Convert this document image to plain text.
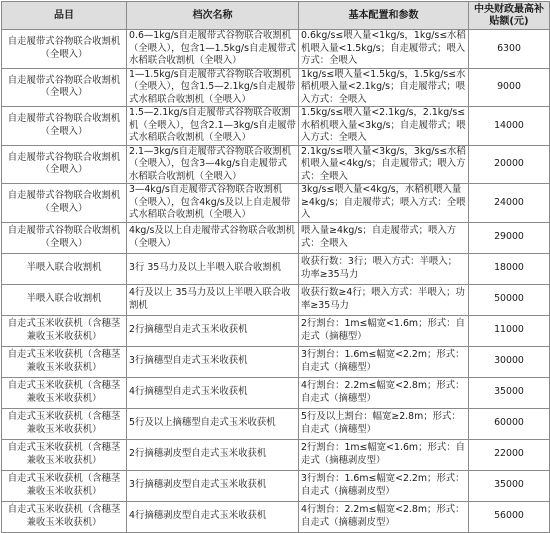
品目	档次名称	基本配置和参数	中央财政最高补贴额(元)
自走履带式谷物联合收割机（全喂入）	0.6—1kg/s自走履带式谷物联合收割机（全喂入），包含1—1.5kg/s自走履带式水稻联合收割机（全喂入）	0.6kg/s≤喂入量<1kg/s，1kg/s≤水稻机喂入量<1.5kg/s；自走履带式；喂入方式：全喂入	6300
自走履带式谷物联合收割机（全喂入）	1—1.5kg/s自走履带式谷物联合收割机（全喂入），包含1.5—2.1kg/s自走履带式水稻联合收割机（全喂入）	1kg/s≤喂入量<1.5kg/s，1.5kg/s≤水稻机喂入量<2.1kg/s；自走履带式；喂入方式：全喂入	9000
自走履带式谷物联合收割机（全喂入）	1.5—2.1kg/s自走履带式谷物联合收割机（全喂入），包含2.1—3kg/s自走履带式水稻联合收割机（全喂入）	1.5kg/s≤喂入量<2.1kg/s，2.1kg/s≤水稻机喂入量<3kg/s；自走履带式；喂入方式：全喂入	14000
自走履带式谷物联合收割机（全喂入）	2.1—3kg/s自走履带式谷物联合收割机（全喂入），包含3—4kg/s自走履带式水稻联合收割机（全喂入）	2.1kg/s≤喂入量<3kg/s，3kg/s≤水稻机喂入量<4kg/s；自走履带式；喂入方式：全喂入	20000
自走履带式谷物联合收割机（全喂入）	3—4kg/s自走履带式谷物联合收割机（全喂入），包含4kg/s及以上自走履带式水稻联合收割机（全喂入）	3kg/s≤喂入量<4kg/s，水稻机喂入量≥4kg/s；自走履带式；喂入方式：全喂入	24000
自走履带式谷物联合收割机（全喂入）	4kg/s及以上自走履带式谷物联合收割机（全喂入）	喂入量≥4kg/s；自走履带式；喂入方式：全喂入	29000
半喂入联合收割机	3行 35马力及以上半喂入联合收割机	收获行数：3行；喂入方式：半喂入；功率≥35马力	18000
半喂入联合收割机	4行及以上 35马力及以上半喂入联合收割机	收获行数≥4行；喂入方式：半喂入；功率≥35马力	50000
自走式玉米收获机（含穗茎兼收玉米收获机）	2行摘穗型自走式玉米收获机	2行割台：1m≤幅宽<1.6m；形式：自走式（摘穗型）	11000
自走式玉米收获机（含穗茎兼收玉米收获机）	3行摘穗型自走式玉米收获机	3行割台：1.6m≤幅宽<2.2m；形式：自走式（摘穗型）	30000
自走式玉米收获机（含穗茎兼收玉米收获机）	4行摘穗型自走式玉米收获机	4行割台：2.2m≤幅宽<2.8m；形式：自走式（摘穗型）	35000
自走式玉米收获机（含穗茎兼收玉米收获机）	5行及以上摘穗型自走式玉米收获机	5行及以上割台：幅宽≥2.8m；形式：自走式（摘穗型）	60000
自走式玉米收获机（含穗茎兼收玉米收获机）	2行摘穗剥皮型自走式玉米收获机	2行割台：1m≤幅宽<1.6m；形式：自走式（摘穗剥皮型）	22000
自走式玉米收获机（含穗茎兼收玉米收获机）	3行摘穗剥皮型自走式玉米收获机	3行割台：1.6m≤幅宽<2.2m；形式：自走式（摘穗剥皮型）	35000
自走式玉米收获机（含穗茎兼收玉米收获机）	4行摘穗剥皮型自走式玉米收获机	4行割台：2.2m≤幅宽<2.8m；形式：自走式（摘穗剥皮型）	56000
